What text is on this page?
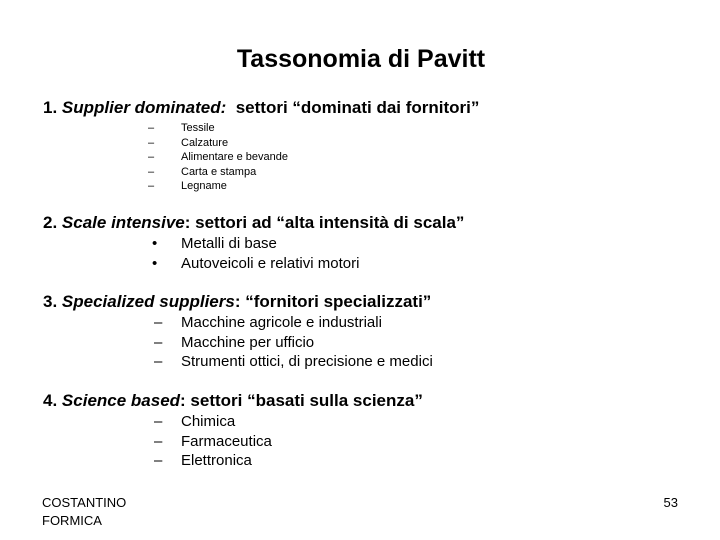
Tassonomia di Pavitt
1. Supplier dominated: settori “dominati dai fornitori”
– Tessile
– Calzature
– Alimentare e bevande
– Carta e stampa
– Legname
2. Scale intensive: settori ad “alta intensità di scala”
• Metalli di base
• Autoveicoli e relativi motori
3. Specialized suppliers: “fornitori specializzati”
– Macchine agricole e industriali
– Macchine per ufficio
– Strumenti ottici, di precisione e medici
4. Science based: settori “basati sulla scienza”
– Chimica
– Farmaceutica
– Elettronica
COSTANTINO
FORMICA
53
